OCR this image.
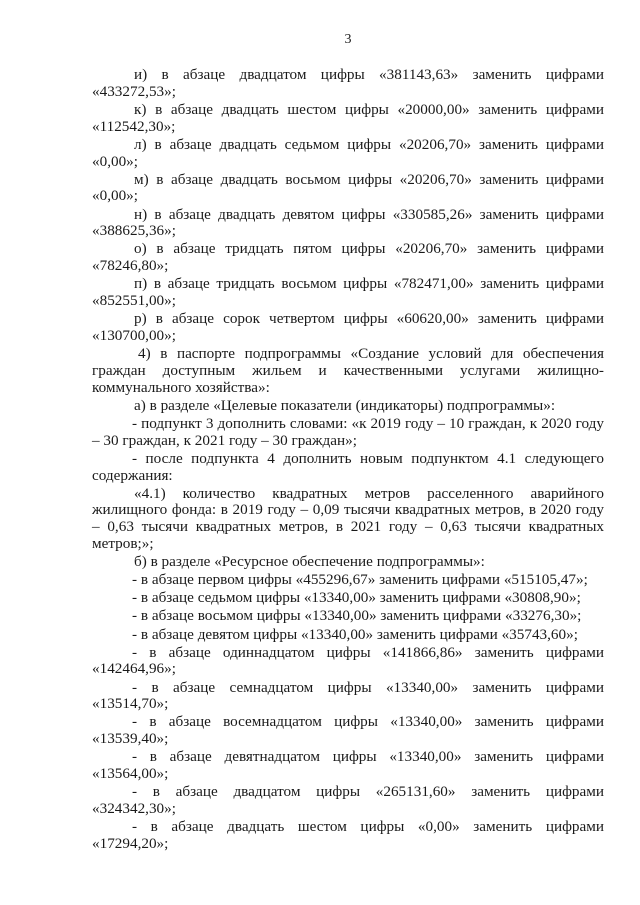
3

и) в абзаце двадцатом цифры «381143,63» заменить цифрами «433272,53»;

к) в абзаце двадцать шестом цифры «20000,00» заменить цифрами «112542,30»;

л) в абзаце двадцать седьмом цифры «20206,70» заменить цифрами «0,00»;

м) в абзаце двадцать восьмом цифры «20206,70» заменить цифрами «0,00»;

н) в абзаце двадцать девятом цифры «330585,26» заменить цифрами «388625,36»;

о) в абзаце тридцать пятом цифры «20206,70» заменить цифрами «78246,80»;

п) в абзаце тридцать восьмом цифры «782471,00» заменить цифрами «852551,00»;

р) в абзаце сорок четвертом цифры «60620,00» заменить цифрами «130700,00»;

4) в паспорте подпрограммы «Создание условий для обеспечения граждан доступным жильем и качественными услугами жилищно-коммунального хозяйства»:

а) в разделе «Целевые показатели (индикаторы) подпрограммы»:

- подпункт 3 дополнить словами: «к 2019 году – 10 граждан, к 2020 году – 30 граждан, к 2021 году – 30 граждан»;

- после подпункта 4 дополнить новым подпунктом 4.1 следующего содержания:

«4.1) количество квадратных метров расселенного аварийного жилищного фонда: в 2019 году – 0,09 тысячи квадратных метров, в 2020 году – 0,63 тысячи квадратных метров, в 2021 году – 0,63 тысячи квадратных метров;»;

б) в разделе «Ресурсное обеспечение подпрограммы»:

- в абзаце первом цифры «455296,67» заменить цифрами «515105,47»;

- в абзаце седьмом цифры «13340,00» заменить цифрами «30808,90»;

- в абзаце восьмом цифры «13340,00» заменить цифрами «33276,30»;

- в абзаце девятом цифры «13340,00» заменить цифрами «35743,60»;

- в абзаце одиннадцатом цифры «141866,86» заменить цифрами «142464,96»;

- в абзаце семнадцатом цифры «13340,00» заменить цифрами «13514,70»;

- в абзаце восемнадцатом цифры «13340,00» заменить цифрами «13539,40»;

- в абзаце девятнадцатом цифры «13340,00» заменить цифрами «13564,00»;

- в абзаце двадцатом цифры «265131,60» заменить цифрами «324342,30»;

- в абзаце двадцать шестом цифры «0,00» заменить цифрами «17294,20»;
